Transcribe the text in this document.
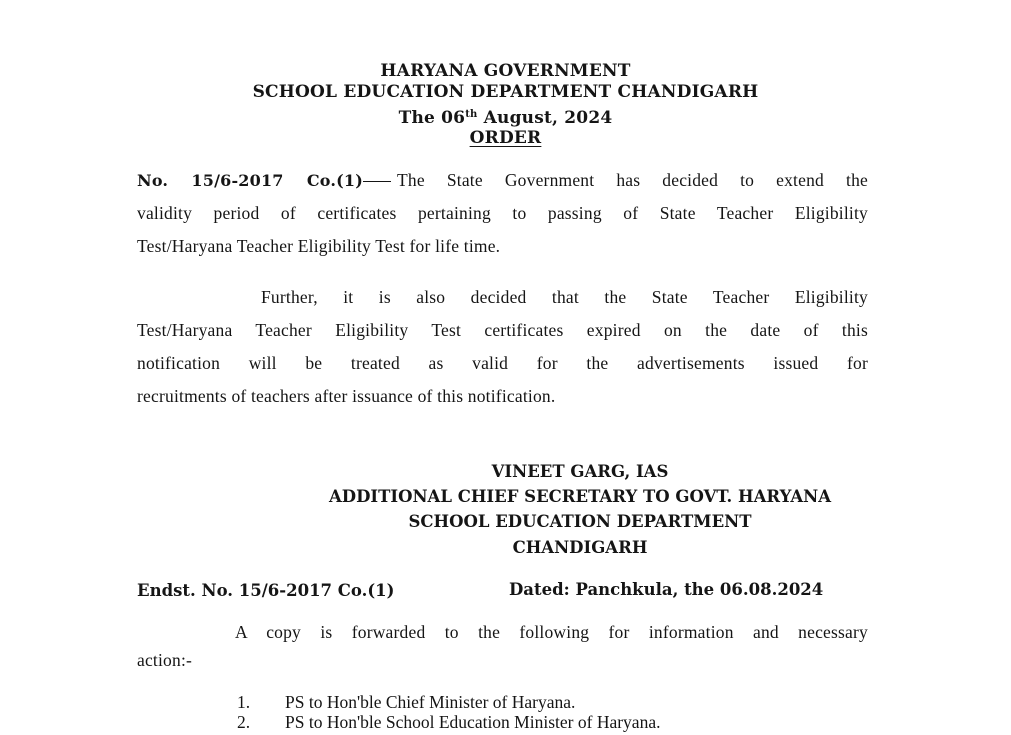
HARYANA GOVERNMENT
SCHOOL EDUCATION DEPARTMENT CHANDIGARH
The 06th August, 2024
ORDER
No. 15/6-2017 Co.(1) The State Government has decided to extend the
validity period of certificates pertaining to passing of State Teacher Eligibility
Test/Haryana Teacher Eligibility Test for life time.
Further, it is also decided that the State Teacher Eligibility
Test/Haryana Teacher Eligibility Test certificates expired on the date of this
notification will be treated as valid for the advertisements issued for
recruitments of teachers after issuance of this notification.
VINEET GARG, IAS
ADDITIONAL CHIEF SECRETARY TO GOVT. HARYANA
SCHOOL EDUCATION DEPARTMENT
CHANDIGARH
Endst. No. 15/6-2017 Co.(1)	Dated: Panchkula, the 06.08.2024
A copy is forwarded to the following for information and necessary
action:-
1. PS to Hon'ble Chief Minister of Haryana.
2. PS to Hon'ble School Education Minister of Haryana.
